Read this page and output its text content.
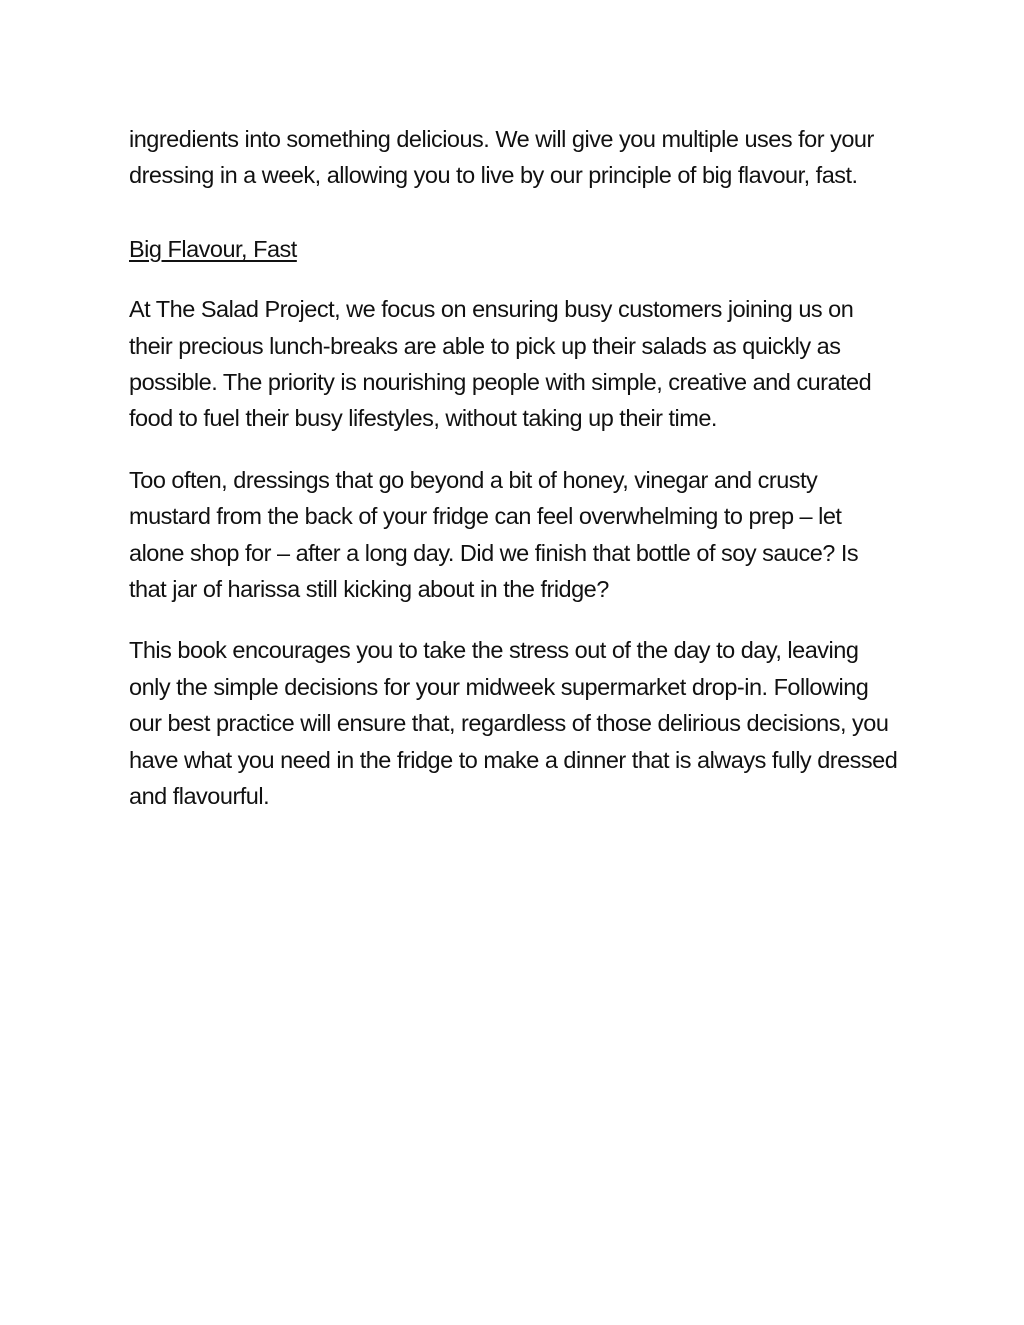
ingredients into something delicious. We will give you multiple uses for your dressing in a week, allowing you to live by our principle of big flavour, fast.

Big Flavour, Fast

At The Salad Project, we focus on ensuring busy customers joining us on their precious lunch-breaks are able to pick up their salads as quickly as possible. The priority is nourishing people with simple, creative and curated food to fuel their busy lifestyles, without taking up their time.

Too often, dressings that go beyond a bit of honey, vinegar and crusty mustard from the back of your fridge can feel overwhelming to prep – let alone shop for – after a long day. Did we finish that bottle of soy sauce? Is that jar of harissa still kicking about in the fridge?

This book encourages you to take the stress out of the day to day, leaving only the simple decisions for your midweek supermarket drop-in. Following our best practice will ensure that, regardless of those delirious decisions, you have what you need in the fridge to make a dinner that is always fully dressed and flavourful.
